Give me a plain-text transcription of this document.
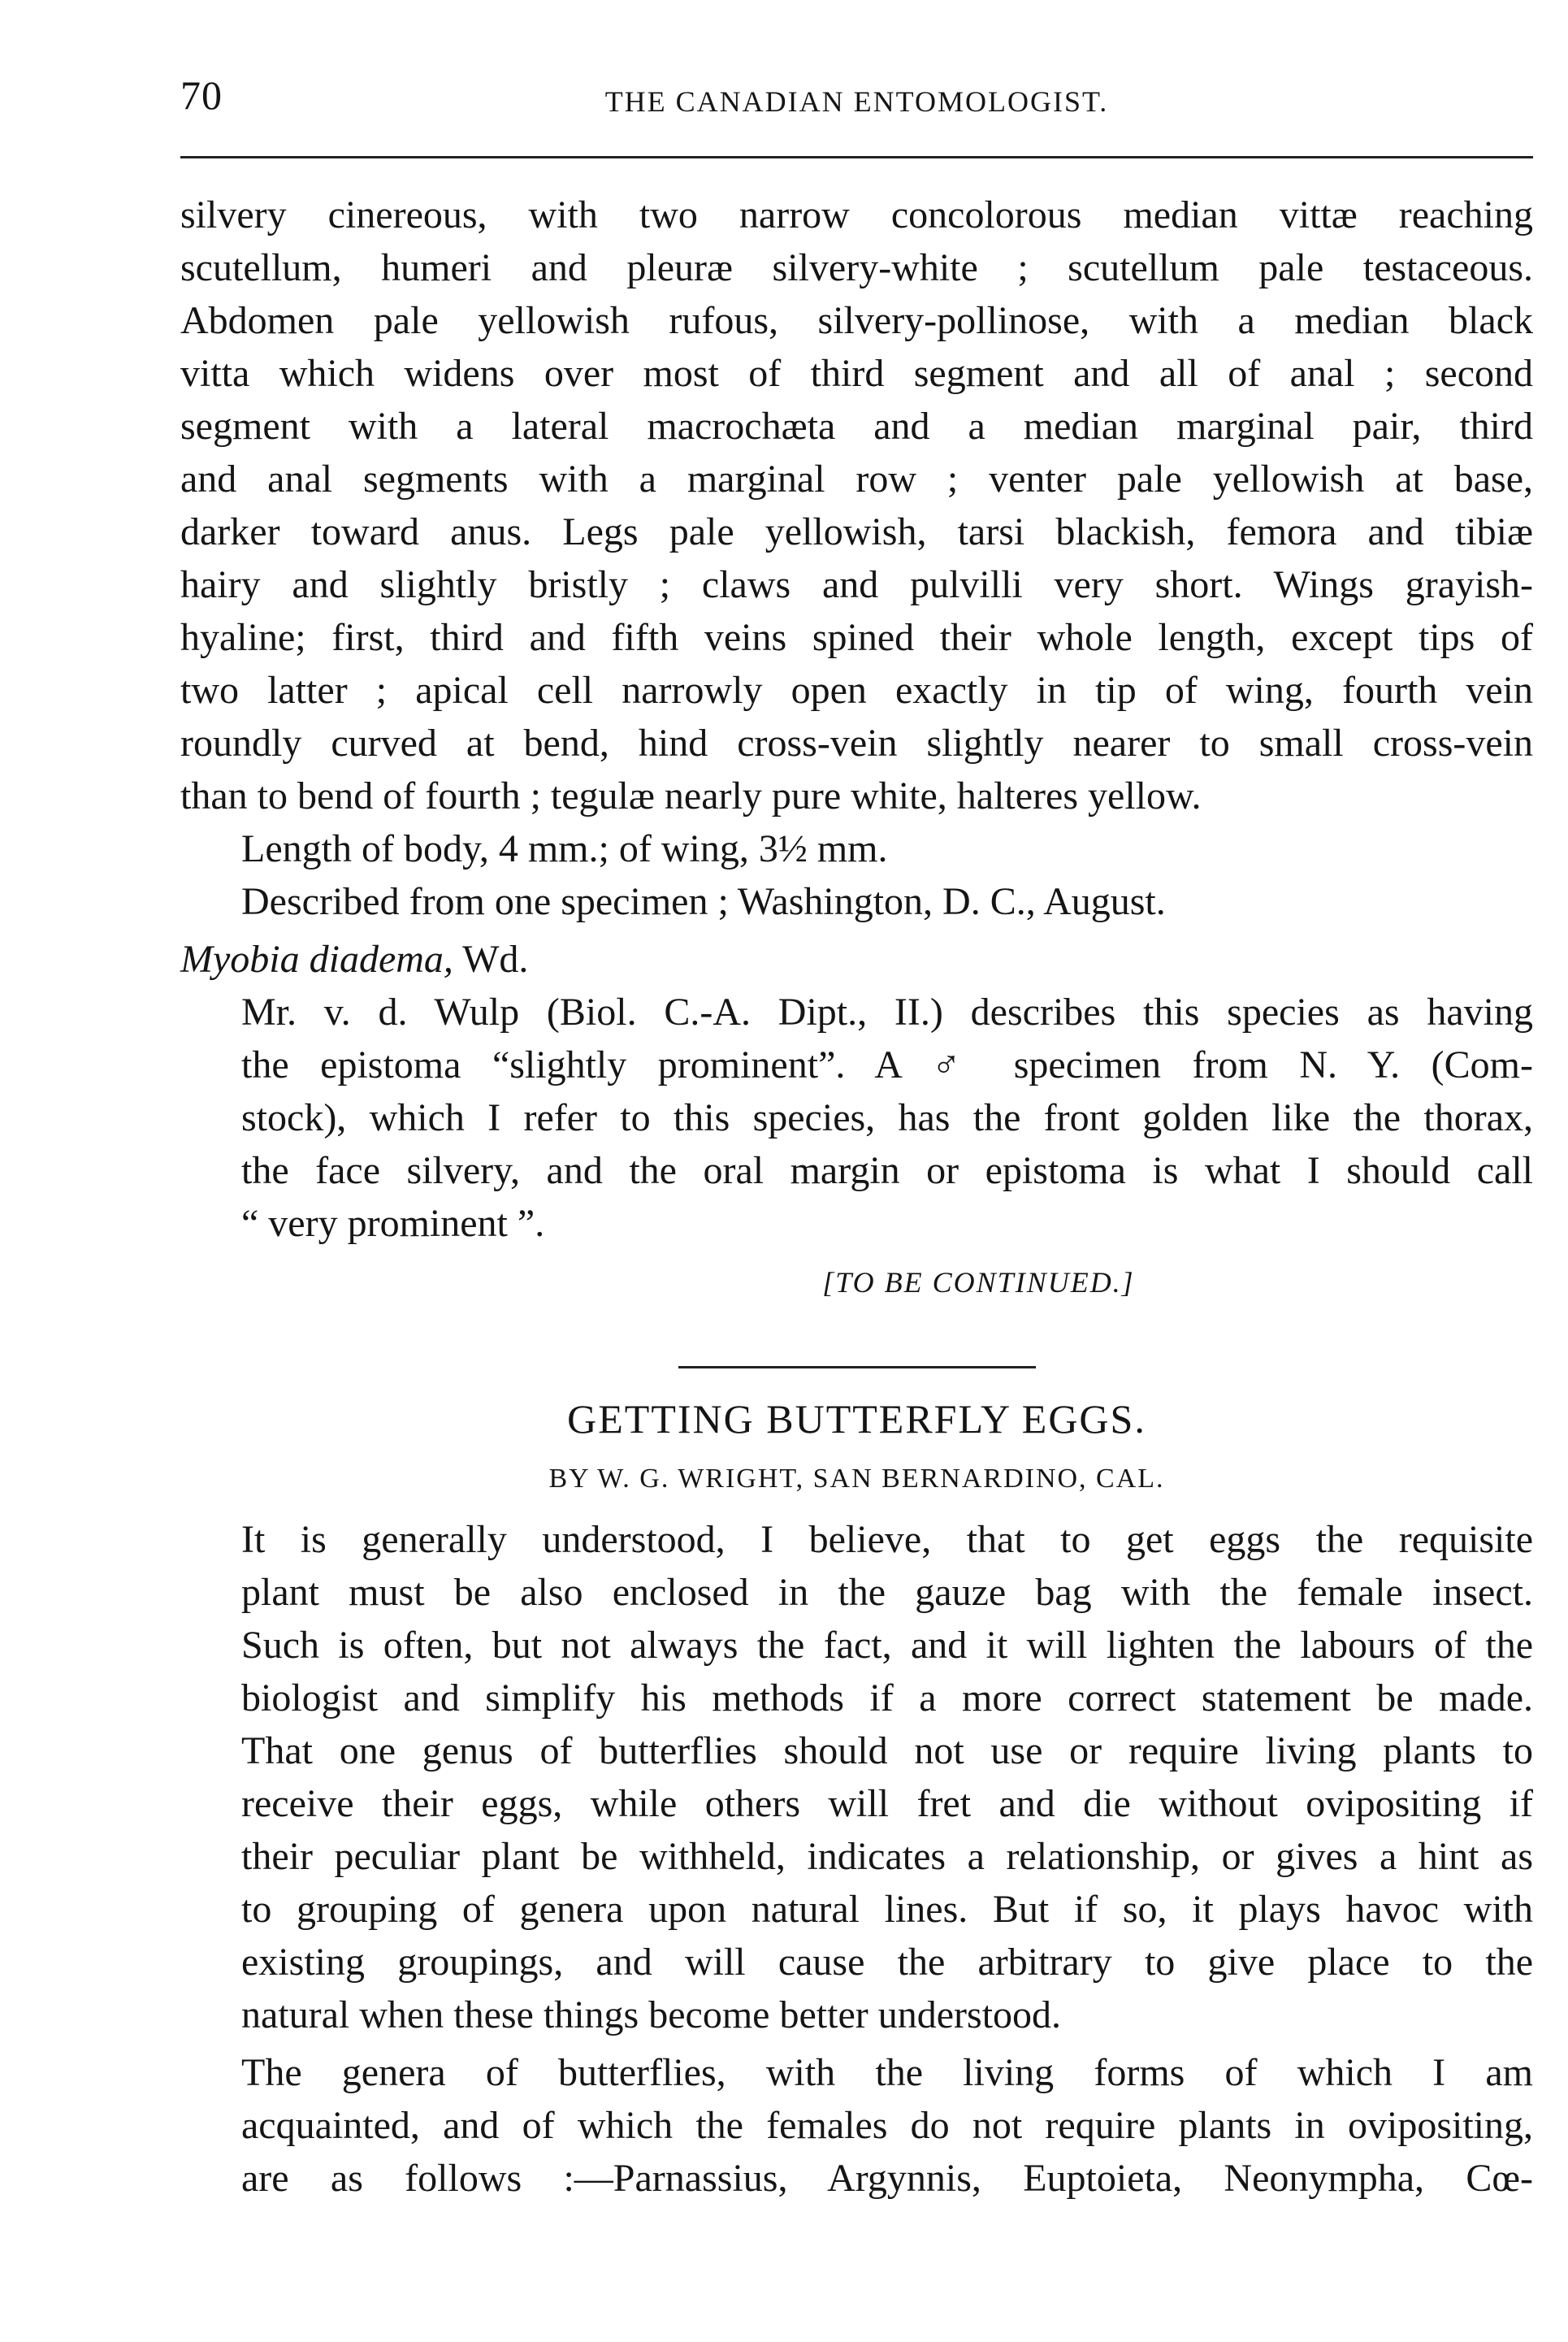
70	THE CANADIAN ENTOMOLOGIST.

silvery cinereous, with two narrow concolorous median vittæ reaching
scutellum, humeri and pleuræ silvery-white ; scutellum pale testaceous.
Abdomen pale yellowish rufous, silvery-pollinose, with a median black
vitta which widens over most of third segment and all of anal ; second
segment with a lateral macrochæta and a median marginal pair, third
and anal segments with a marginal row ; venter pale yellowish at base,
darker toward anus. Legs pale yellowish, tarsi blackish, femora and tibiæ
hairy and slightly bristly ; claws and pulvilli very short. Wings grayish-
hyaline; first, third and fifth veins spined their whole length, except tips of
two latter ; apical cell narrowly open exactly in tip of wing, fourth vein
roundly curved at bend, hind cross-vein slightly nearer to small cross-vein
than to bend of fourth ; tegulæ nearly pure white, halteres yellow.

Length of body, 4 mm.; of wing, 3½ mm.

Described from one specimen ; Washington, D. C., August.

Myobia diadema, Wd.

Mr. v. d. Wulp (Biol. C.-A. Dipt., II.) describes this species as having
the epistoma “slightly prominent”. A ♂ specimen from N. Y. (Com-
stock), which I refer to this species, has the front golden like the thorax,
the face silvery, and the oral margin or epistoma is what I should call
“ very prominent ”.

[TO BE CONTINUED.]

GETTING BUTTERFLY EGGS.

BY W. G. WRIGHT, SAN BERNARDINO, CAL.

It is generally understood, I believe, that to get eggs the requisite
plant must be also enclosed in the gauze bag with the female insect.
Such is often, but not always the fact, and it will lighten the labours of the
biologist and simplify his methods if a more correct statement be made.
That one genus of butterflies should not use or require living plants to
receive their eggs, while others will fret and die without ovipositing if
their peculiar plant be withheld, indicates a relationship, or gives a hint as
to grouping of genera upon natural lines. But if so, it plays havoc with
existing groupings, and will cause the arbitrary to give place to the
natural when these things become better understood.

The genera of butterflies, with the living forms of which I am
acquainted, and of which the females do not require plants in ovipositing,
are as follows :—Parnassius, Argynnis, Euptoieta, Neonympha, Cœ-
